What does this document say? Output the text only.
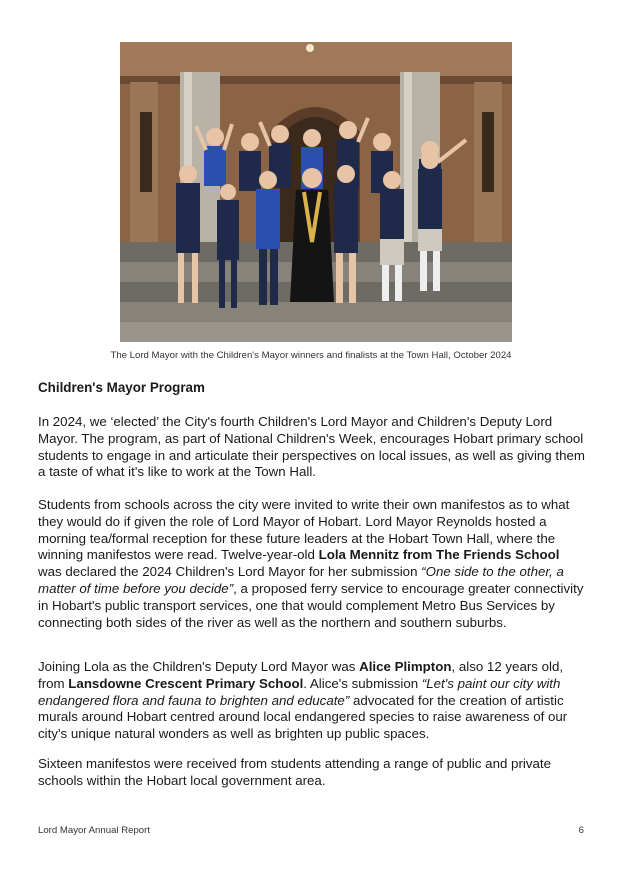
The Lord Mayor with the Children's Mayor winners and finalists at the Town Hall, October 2024
Children's Mayor Program

In 2024, we ‘elected’ the City's fourth Children's Lord Mayor and Children's Deputy Lord Mayor. The program, as part of National Children's Week, encourages Hobart primary school students to engage in and articulate their perspectives on local issues, as well as giving them a taste of what it's like to work at the Town Hall.

Students from schools across the city were invited to write their own manifestos as to what they would do if given the role of Lord Mayor of Hobart. Lord Mayor Reynolds hosted a morning tea/formal reception for these future leaders at the Hobart Town Hall, where the winning manifestos were read. Twelve-year-old Lola Mennitz from The Friends School was declared the 2024 Children's Lord Mayor for her submission “One side to the other, a matter of time before you decide”, a proposed ferry service to encourage greater connectivity in Hobart's public transport services, one that would complement Metro Bus Services by connecting both sides of the river as well as the northern and southern suburbs.

Joining Lola as the Children's Deputy Lord Mayor was Alice Plimpton, also 12 years old, from Lansdowne Crescent Primary School. Alice's submission “Let's paint our city with endangered flora and fauna to brighten and educate” advocated for the creation of artistic murals around Hobart centred around local endangered species to raise awareness of our city's unique natural wonders as well as brighten up public spaces.

Sixteen manifestos were received from students attending a range of public and private schools within the Hobart local government area.

Lord Mayor Annual Report	6
